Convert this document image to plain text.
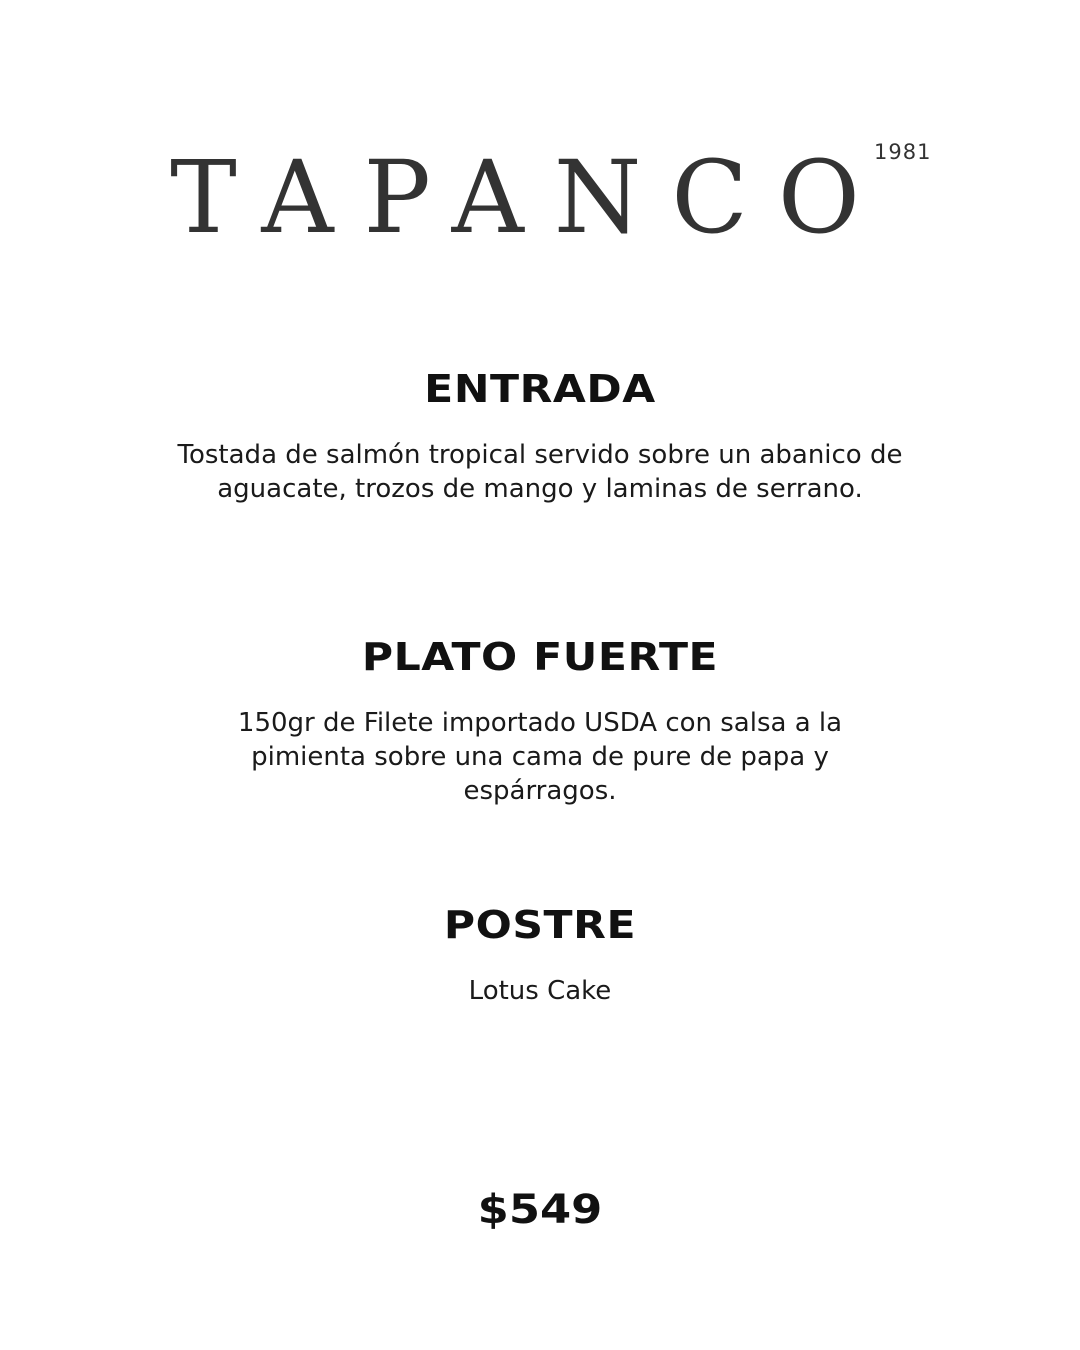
TAPANCO
1981
ENTRADA

Tostada de salmón tropical servido sobre un abanico de aguacate, trozos de mango y laminas de serrano.

PLATO FUERTE

150gr de Filete importado USDA con salsa a la pimienta sobre una cama de pure de papa y espárragos.

POSTRE

Lotus Cake

$549
